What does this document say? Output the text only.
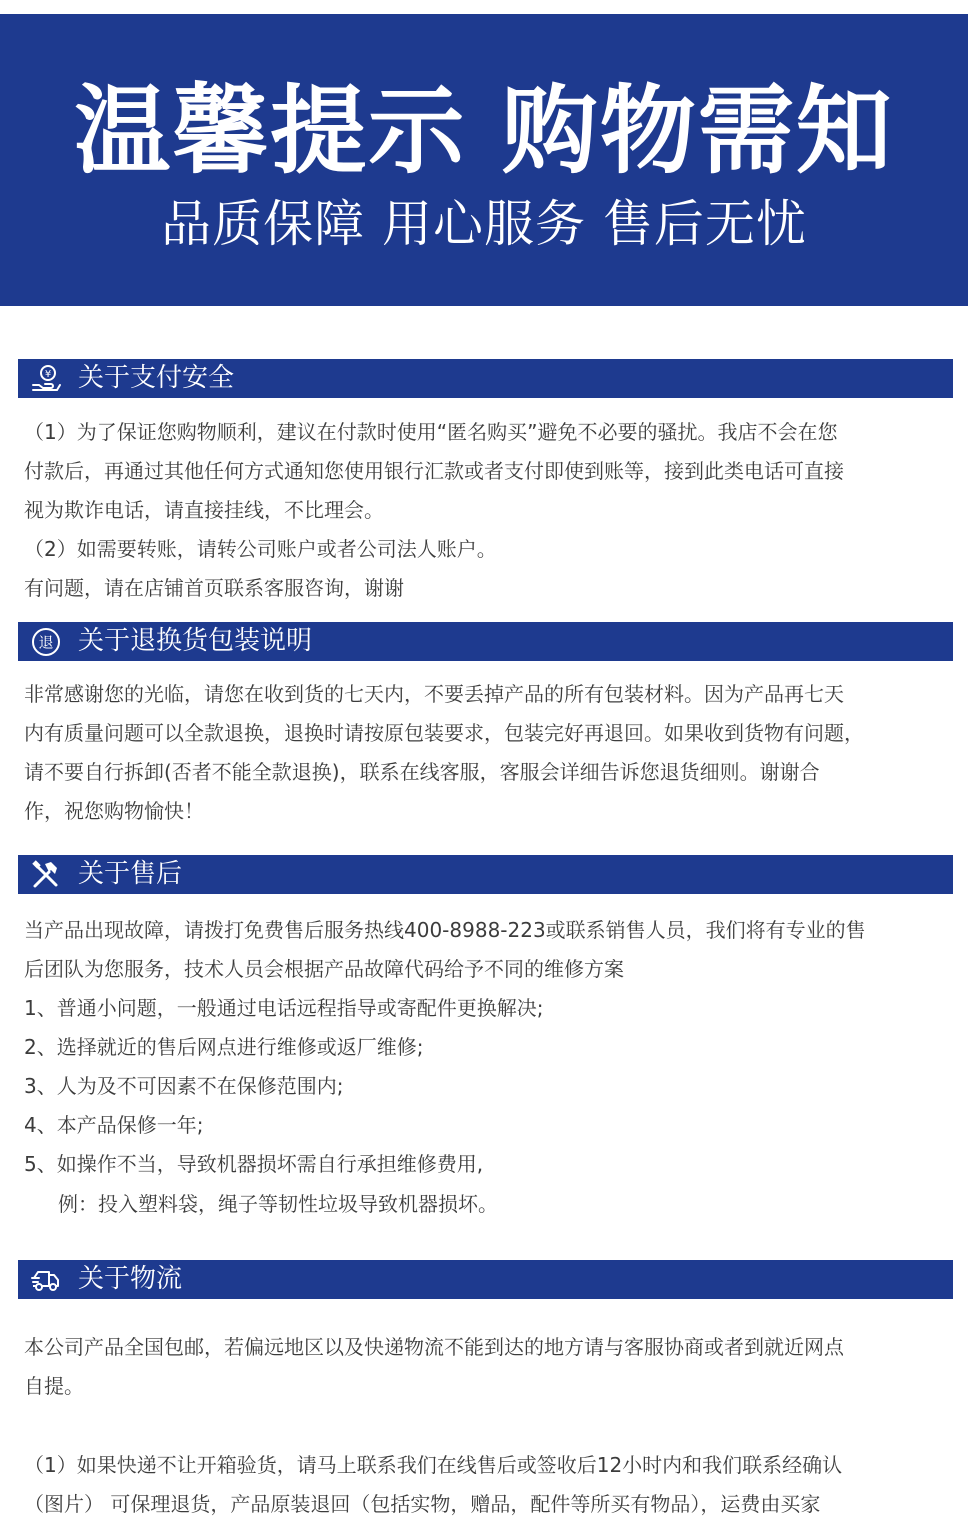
温馨提示 购物需知
品质保障 用心服务 售后无忧
¥ 关于支付安全
（1）为了保证您购物顺利，建议在付款时使用“匿名购买”避免不必要的骚扰。我店不会在您
付款后，再通过其他任何方式通知您使用银行汇款或者支付即使到账等，接到此类电话可直接
视为欺诈电话，请直接挂线，不比理会。
（2）如需要转账，请转公司账户或者公司法人账户。
有问题，请在店铺首页联系客服咨询，谢谢
退 关于退换货包装说明
非常感谢您的光临，请您在收到货的七天内，不要丢掉产品的所有包装材料。因为产品再七天
内有质量问题可以全款退换，退换时请按原包装要求，包装完好再退回。如果收到货物有问题，
请不要自行拆卸(否者不能全款退换)，联系在线客服，客服会详细告诉您退货细则。谢谢合
作，祝您购物愉快！
关于售后
当产品出现故障，请拨打免费售后服务热线400-8988-223或联系销售人员，我们将有专业的售
后团队为您服务，技术人员会根据产品故障代码给予不同的维修方案
1、普通小问题，一般通过电话远程指导或寄配件更换解决;
2、选择就近的售后网点进行维修或返厂维修;
3、人为及不可因素不在保修范围内;
4、本产品保修一年;
5、如操作不当，导致机器损坏需自行承担维修费用,
例：投入塑料袋，绳子等韧性垃圾导致机器损坏。
关于物流
本公司产品全国包邮，若偏远地区以及快递物流不能到达的地方请与客服协商或者到就近网点
自提。
（1）如果快递不让开箱验货，请马上联系我们在线售后或签收后12小时内和我们联系经确认
（图片） 可保理退货，产品原装退回（包括实物，赠品，配件等所买有物品），运费由买家
